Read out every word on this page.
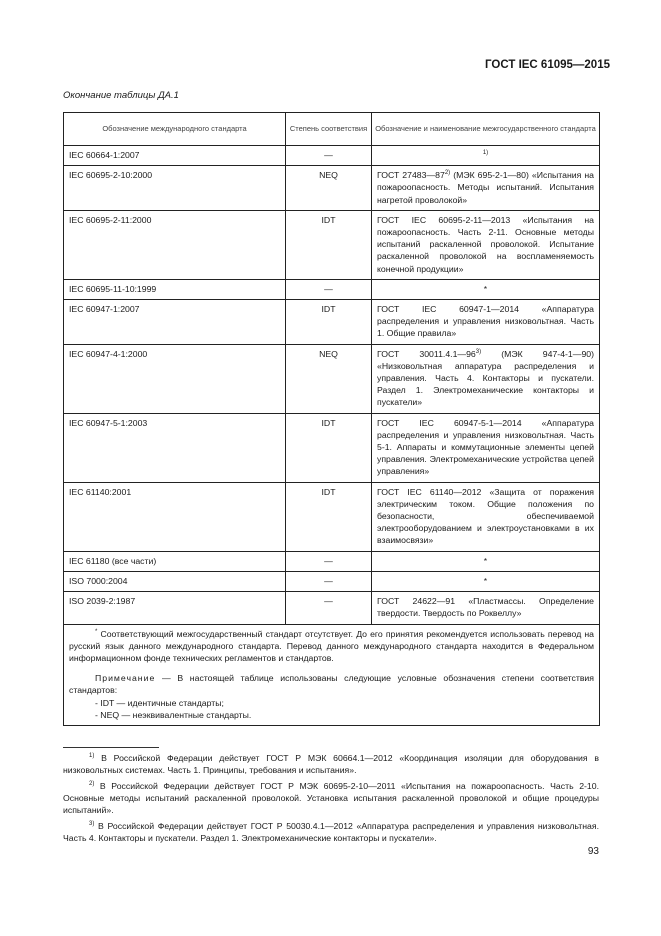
ГОСТ IEC 61095—2015
Окончание таблицы ДА.1
Обозначение международного стандарта	Степень соответствия	Обозначение и наименование межгосударственного стандарта
IEC 60664-1:2007	—	$^{1)}$
IEC 60695-2-10:2000	NEQ	ГОСТ 27483—87$^{2)}$ (МЭК 695-2-1—80) «Испытания на пожароопасность. Методы испытаний. Испытания нагретой проволокой»
IEC 60695-2-11:2000	IDT	ГОСТ IEC 60695-2-11—2013 «Испытания на пожароопасность. Часть 2-11. Основные методы испытаний раскаленной проволокой. Испытание раскаленной проволокой на воспламеняемость конечной продукции»
IEC 60695-11-10:1999	—	*
IEC 60947-1:2007	IDT	ГОСТ IEC 60947-1—2014 «Аппаратура распределения и управления низковольтная. Часть 1. Общие правила»
IEC 60947-4-1:2000	NEQ	ГОСТ 30011.4.1—96$^{3)}$ (МЭК 947-4-1—90) «Низковольтная аппаратура распределения и управления. Часть 4. Контакторы и пускатели. Раздел 1. Электромеханические контакторы и пускатели»
IEC 60947-5-1:2003	IDT	ГОСТ IEC 60947-5-1—2014 «Аппаратура распределения и управления низковольтная. Часть 5-1. Аппараты и коммутационные элементы цепей управления. Электромеханические устройства цепей управления»
IEC 61140:2001	IDT	ГОСТ IEC 61140—2012 «Защита от поражения электрическим током. Общие положения по безопасности, обеспечиваемой электрооборудованием и электроустановками в их взаимосвязи»
IEC 61180 (все части)	—	*
ISO 7000:2004	—	*
ISO 2039-2:1987	—	ГОСТ 24622—91 «Пластмассы. Определение твердости. Твердость по Роквеллу»

* Соответствующий межгосударственный стандарт отсутствует. До его принятия рекомендуется использовать перевод на русский язык данного международного стандарта. Перевод данного международного стандарта находится в Федеральном информационном фонде технических регламентов и стандартов.

Примечание — В настоящей таблице использованы следующие условные обозначения степени соответствия стандартов:

- IDT — идентичные стандарты;

- NEQ — неэквивалентные стандарты.		

$^{1)}$ В Российской Федерации действует ГОСТ Р МЭК 60664.1—2012 «Координация изоляции для оборудования в низковольтных системах. Часть 1. Принципы, требования и испытания».

$^{2)}$ В Российской Федерации действует ГОСТ Р МЭК 60695-2-10—2011 «Испытания на пожароопасность. Часть 2-10. Основные методы испытаний раскаленной проволокой. Установка испытания раскаленной проволокой и общие процедуры испытаний».

$^{3)}$ В Российской Федерации действует ГОСТ Р 50030.4.1—2012 «Аппаратура распределения и управления низковольтная. Часть 4. Контакторы и пускатели. Раздел 1. Электромеханические контакторы и пускатели».

93
